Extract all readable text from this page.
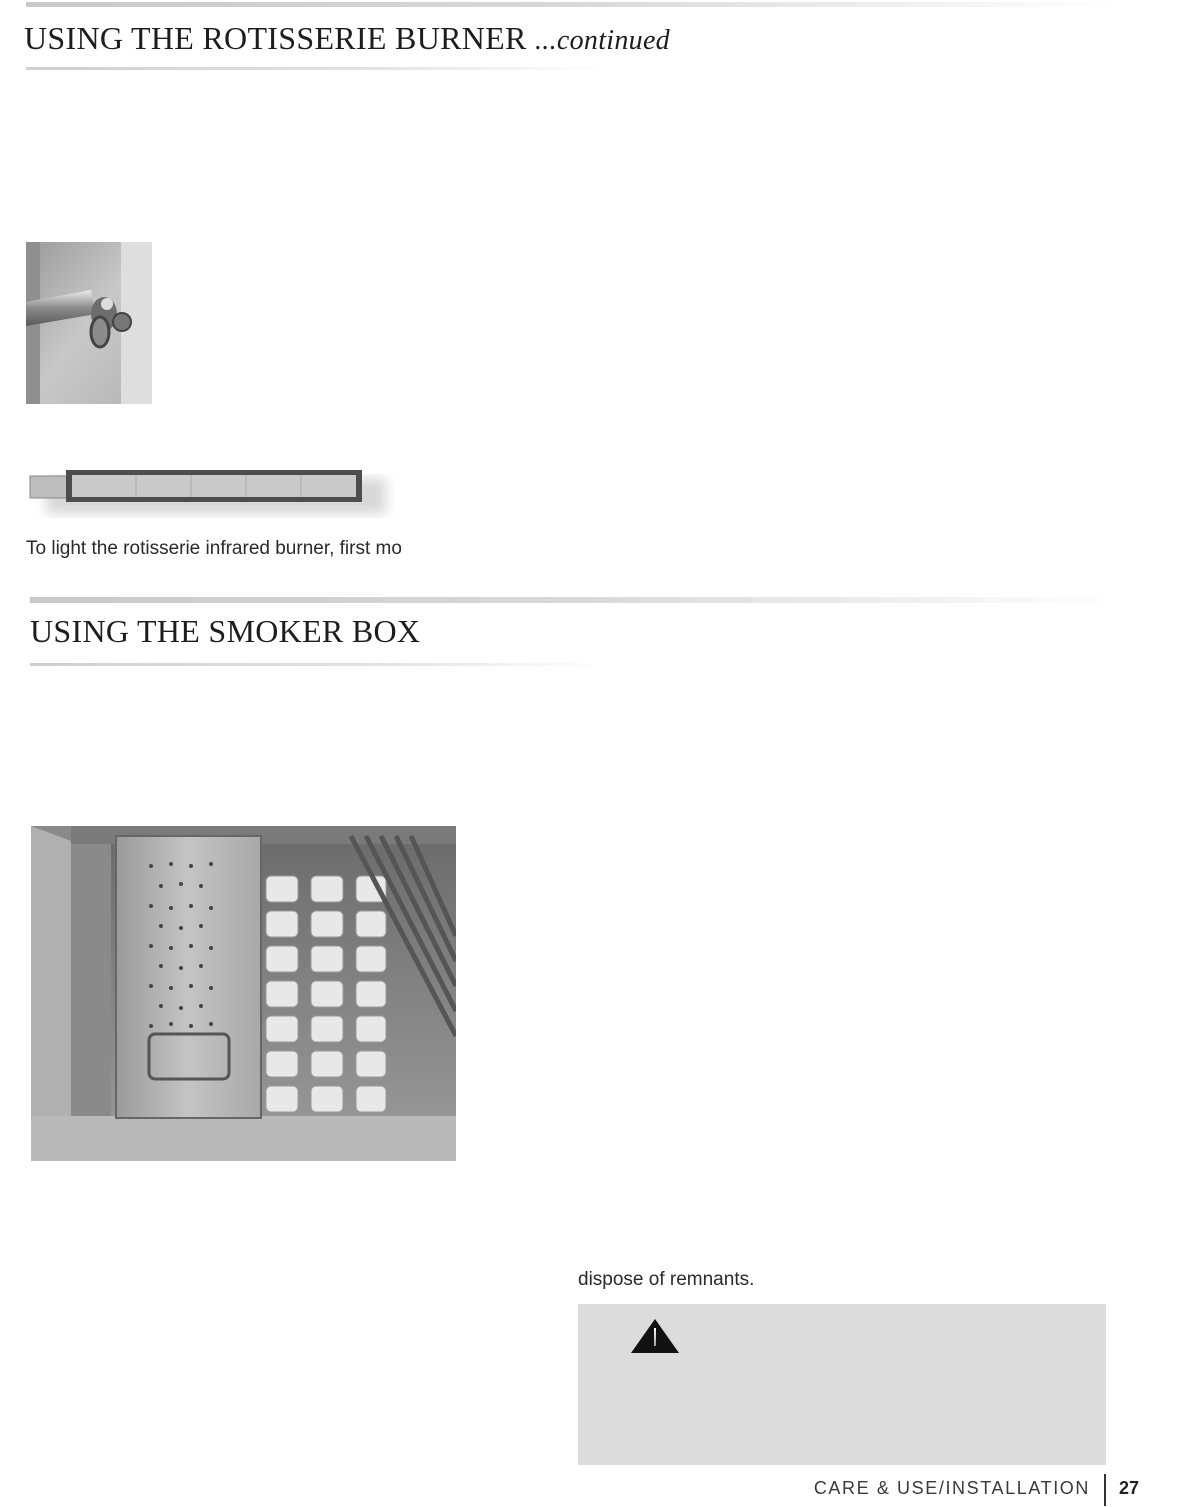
USING THE ROTISSERIE BURNER ...continued

To light the rotisserie infrared burner, first mo

USING THE SMOKER BOX

dispose of remnants.

CARE & USE/INSTALLATION 27
